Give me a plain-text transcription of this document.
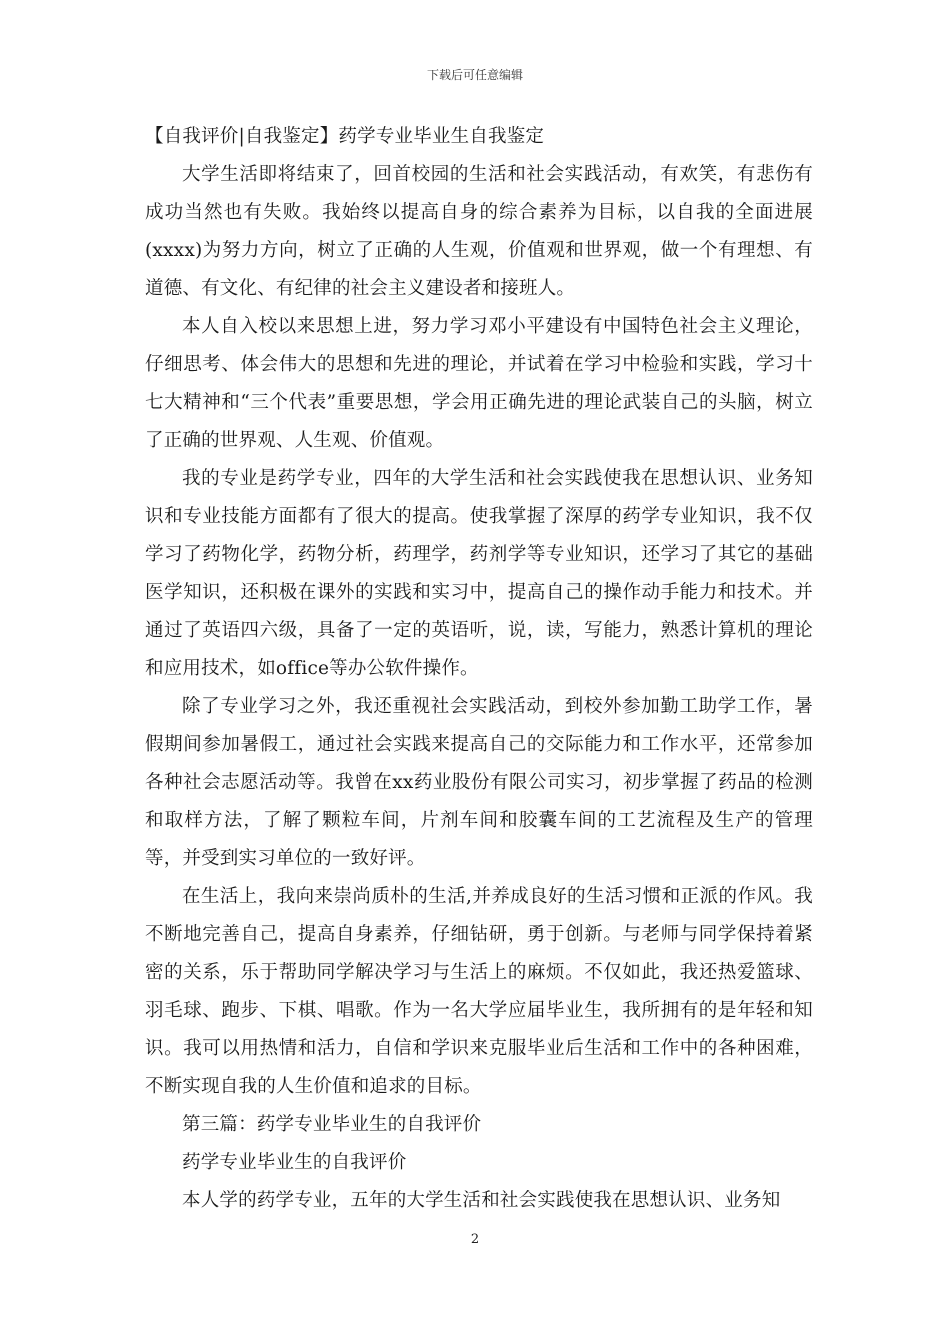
下载后可任意编辑

【自我评价|自我鉴定】药学专业毕业生自我鉴定

大学生活即将结束了，回首校园的生活和社会实践活动，有欢笑，有悲伤有成功当然也有失败。我始终以提高自身的综合素养为目标，以自我的全面进展(xxxx)为努力方向，树立了正确的人生观，价值观和世界观，做一个有理想、有道德、有文化、有纪律的社会主义建设者和接班人。

本人自入校以来思想上进，努力学习邓小平建设有中国特色社会主义理论，仔细思考、体会伟大的思想和先进的理论，并试着在学习中检验和实践，学习十七大精神和“三个代表”重要思想，学会用正确先进的理论武装自己的头脑，树立了正确的世界观、人生观、价值观。

我的专业是药学专业，四年的大学生活和社会实践使我在思想认识、业务知识和专业技能方面都有了很大的提高。使我掌握了深厚的药学专业知识，我不仅学习了药物化学，药物分析，药理学，药剂学等专业知识，还学习了其它的基础医学知识，还积极在课外的实践和实习中，提高自己的操作动手能力和技术。并通过了英语四六级，具备了一定的英语听，说，读，写能力，熟悉计算机的理论和应用技术，如office等办公软件操作。

除了专业学习之外，我还重视社会实践活动，到校外参加勤工助学工作，暑假期间参加暑假工，通过社会实践来提高自己的交际能力和工作水平，还常参加各种社会志愿活动等。我曾在xx药业股份有限公司实习，初步掌握了药品的检测和取样方法，了解了颗粒车间，片剂车间和胶囊车间的工艺流程及生产的管理等，并受到实习单位的一致好评。

在生活上，我向来崇尚质朴的生活,并养成良好的生活习惯和正派的作风。我不断地完善自己，提高自身素养，仔细钻研，勇于创新。与老师与同学保持着紧密的关系，乐于帮助同学解决学习与生活上的麻烦。不仅如此，我还热爱篮球、羽毛球、跑步、下棋、唱歌。作为一名大学应届毕业生，我所拥有的是年轻和知识。我可以用热情和活力，自信和学识来克服毕业后生活和工作中的各种困难，不断实现自我的人生价值和追求的目标。

第三篇：药学专业毕业生的自我评价

药学专业毕业生的自我评价

本人学的药学专业，五年的大学生活和社会实践使我在思想认识、业务知

2
